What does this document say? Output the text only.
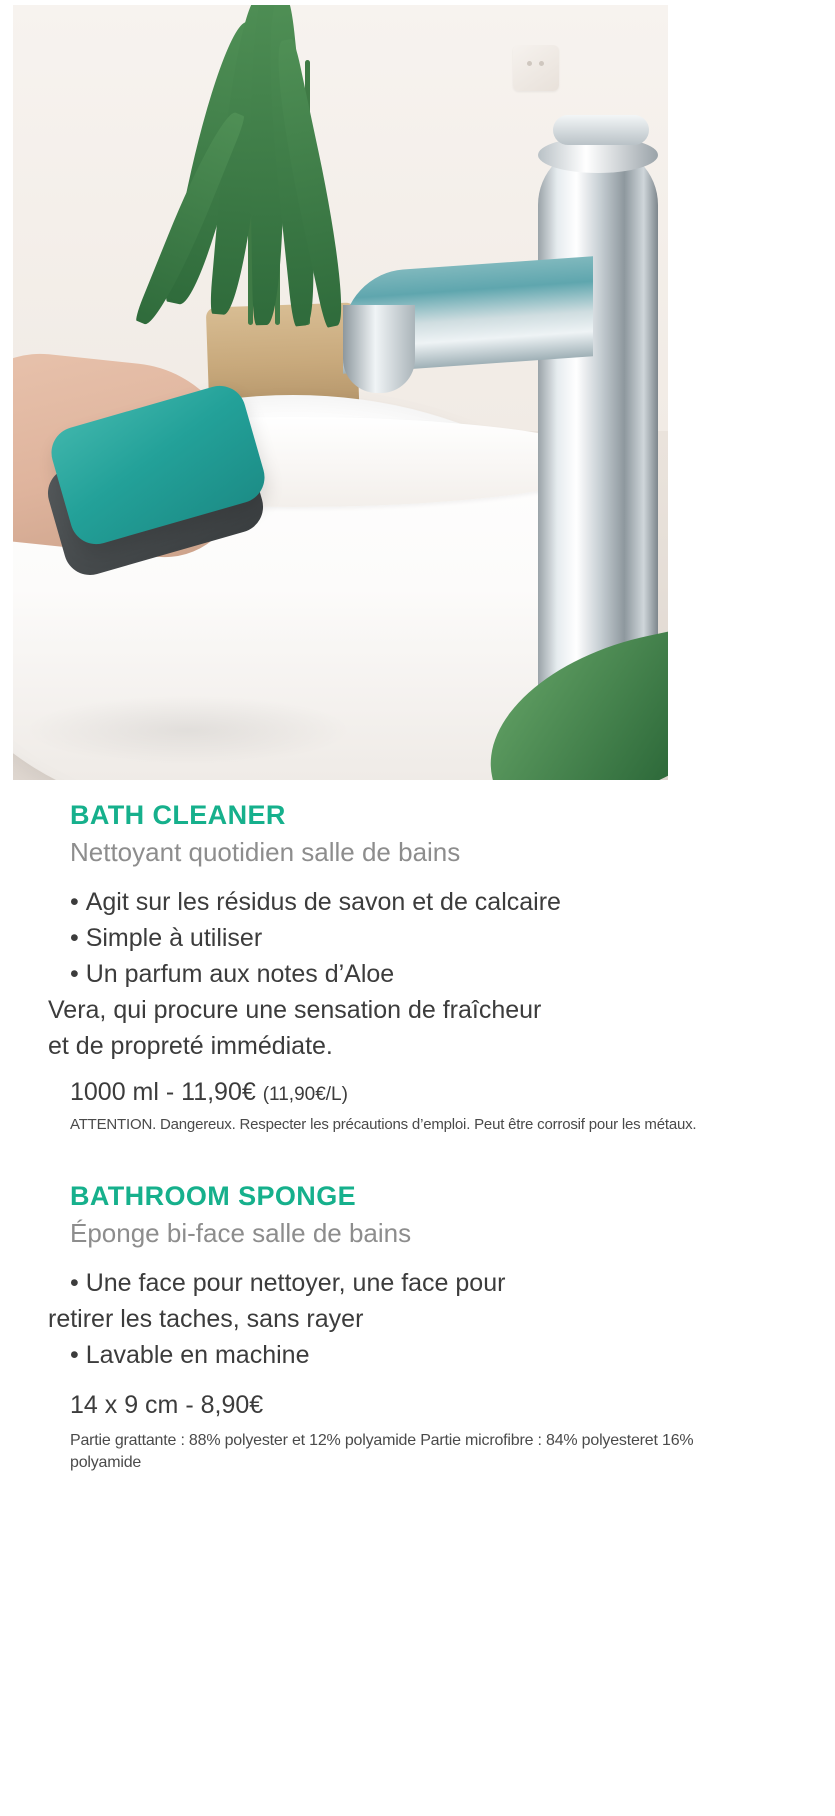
BATH CLEANER
Nettoyant quotidien salle de bains
• Agit sur les résidus de savon et de calcaire
• Simple à utiliser
• Un parfum aux notes d’Aloe
Vera, qui procure une sensation de fraîcheur
et de propreté immédiate.
1000 ml - 11,90€ (11,90€/L)
ATTENTION. Dangereux. Respecter les précautions d’emploi. Peut être corrosif pour les métaux.
BATHROOM SPONGE
Éponge bi-face salle de bains
• Une face pour nettoyer, une face pour
retirer les taches, sans rayer
• Lavable en machine
14 x 9 cm - 8,90€
Partie grattante : 88% polyester et 12% polyamide Partie microfibre : 84% polyesteret 16% polyamide
